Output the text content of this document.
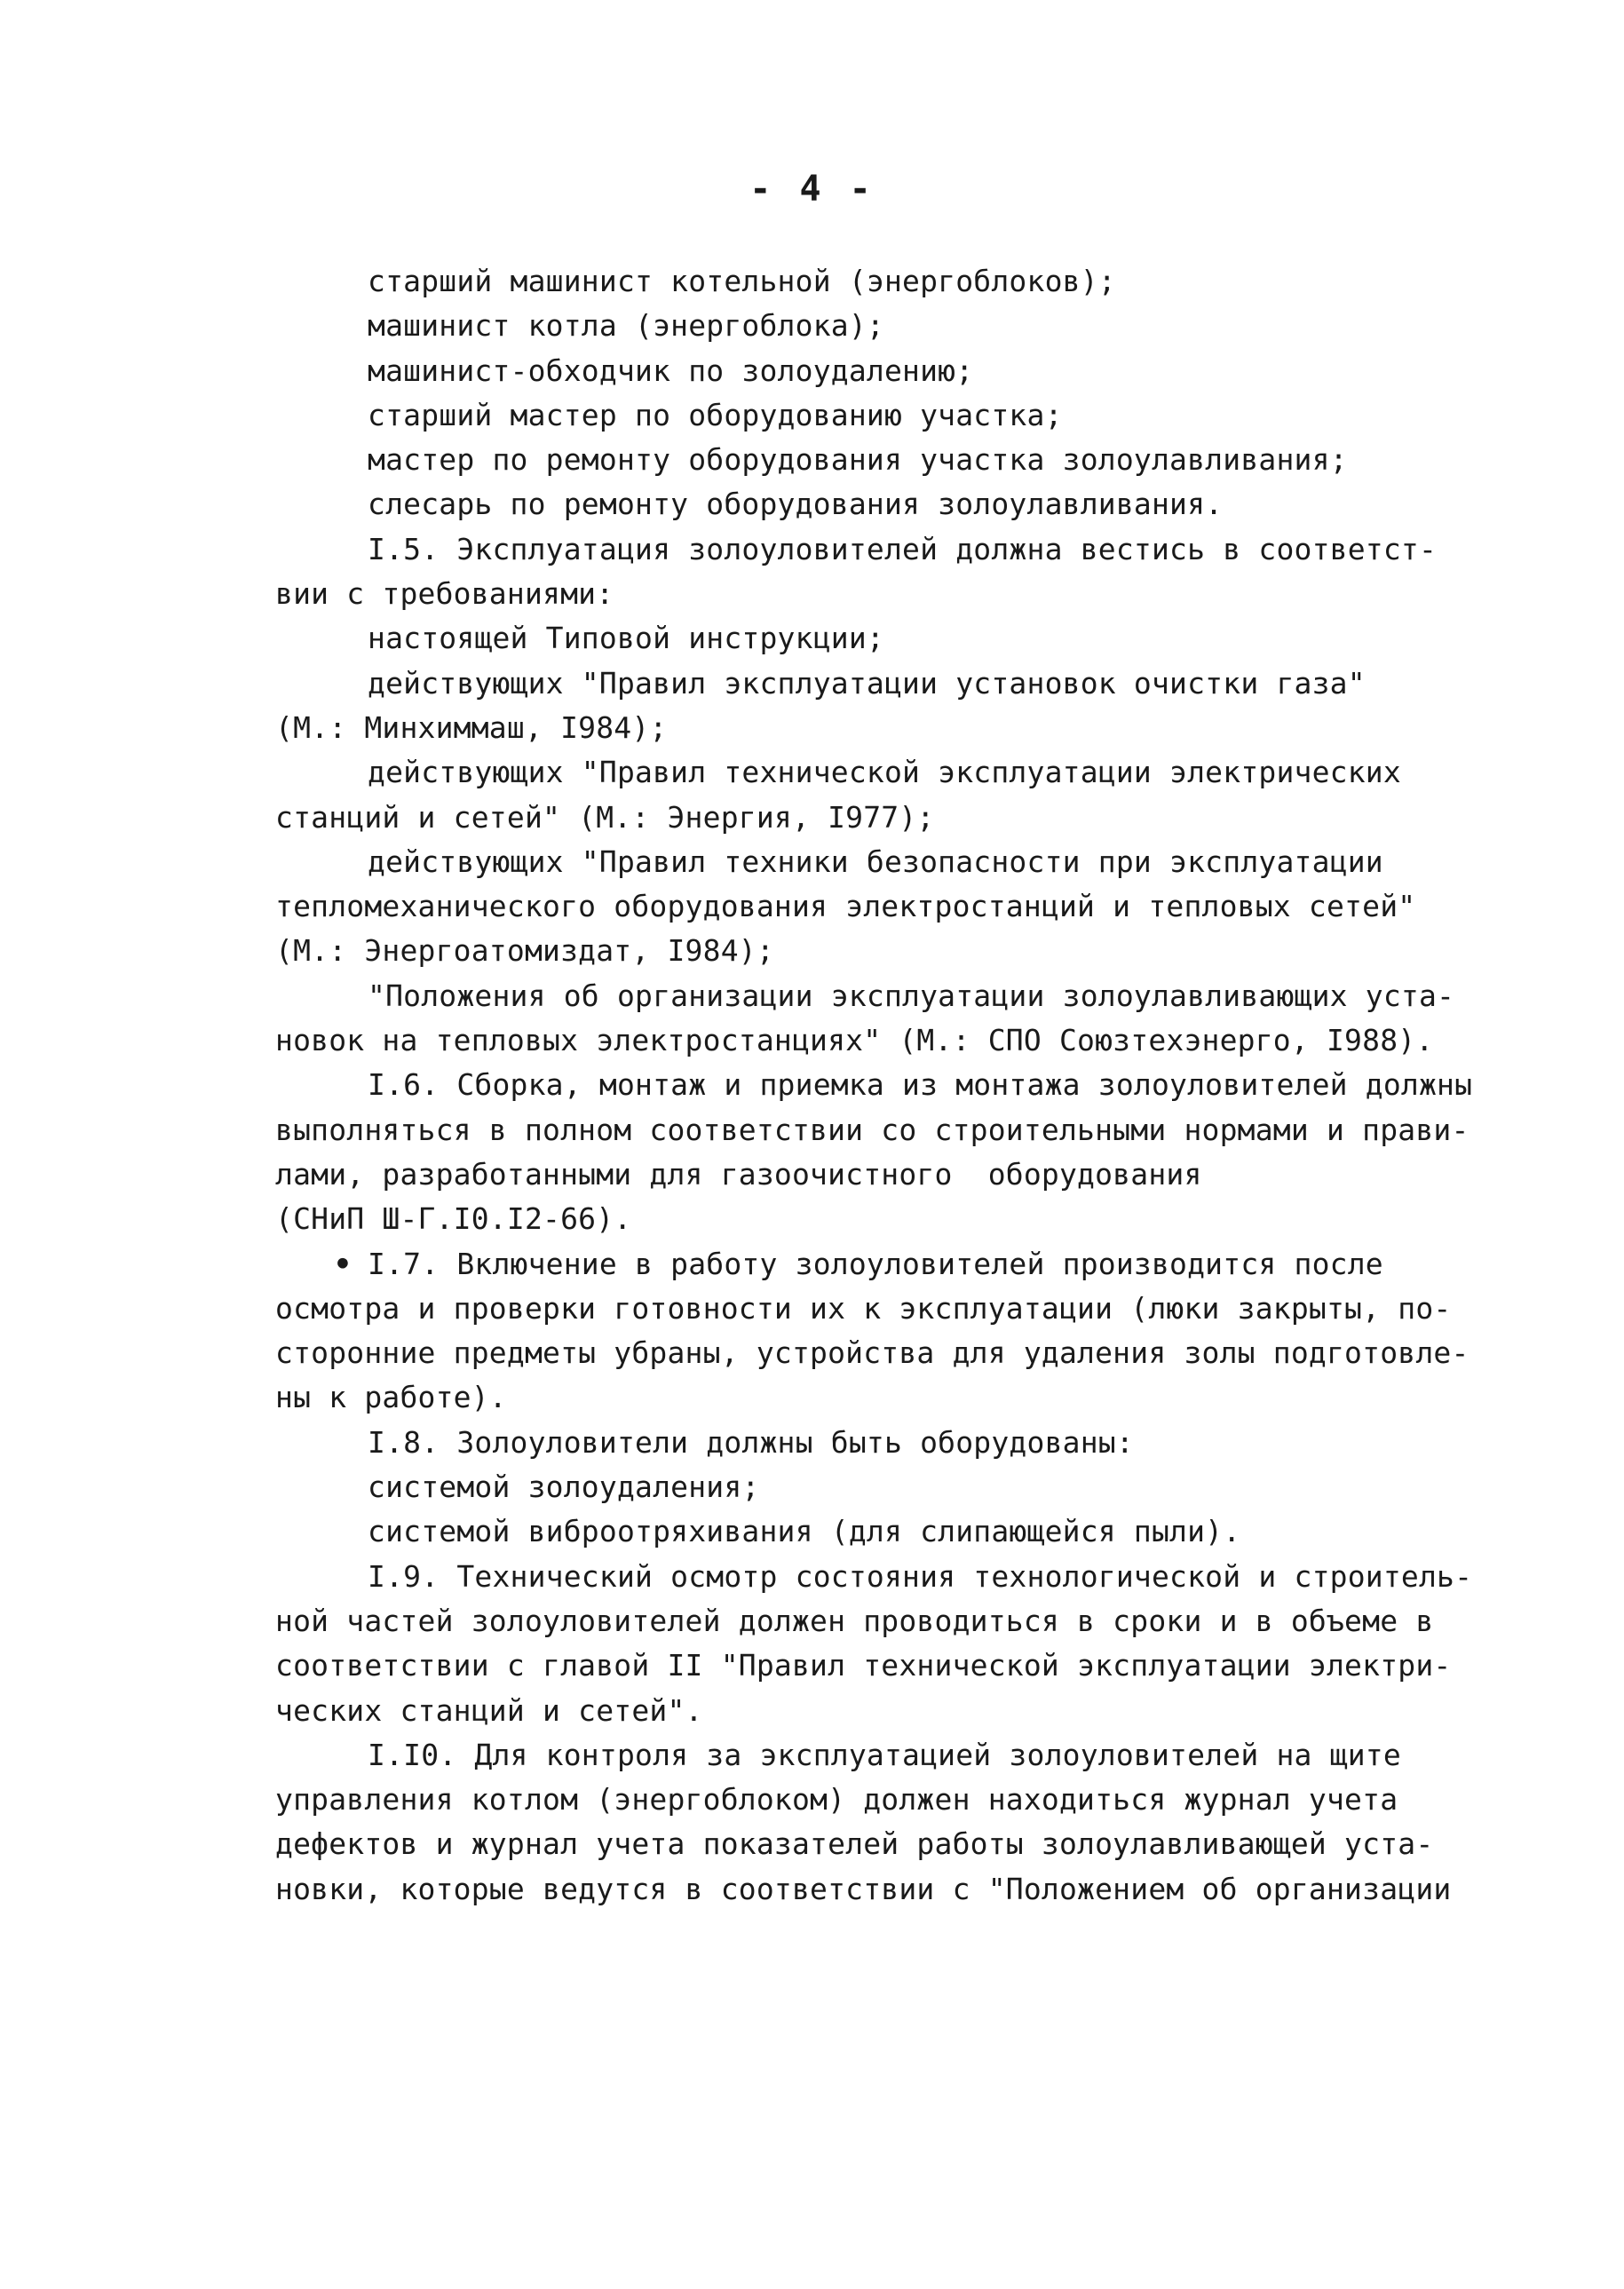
- 4 -
старший машинист котельной (энергоблоков);
машинист котла (энергоблока);
машинист-обходчик по золоудалению;
старший мастер по оборудованию участка;
мастер по ремонту оборудования участка золоулавливания;
слесарь по ремонту оборудования золоулавливания.
I.5. Эксплуатация золоуловителей должна вестись в соответст-
вии с требованиями:
настоящей Типовой инструкции;
действующих "Правил эксплуатации установок очистки газа"
(М.: Минхиммаш, I984);
действующих "Правил технической эксплуатации электрических
станций и сетей" (М.: Энергия, I977);
действующих "Правил техники безопасности при эксплуатации
тепломеханического оборудования электростанций и тепловых сетей"
(М.: Энергоатомиздат, I984);
"Положения об организации эксплуатации золоулавливающих уста-
новок на тепловых электростанциях" (М.: СПО Союзтехэнерго, I988).
I.6. Сборка, монтаж и приемка из монтажа золоуловителей должны
выполняться в полном соответствии со строительными нормами и прави-
лами, разработанными для газоочистного  оборудования
(СНиП Ш-Г.I0.I2-66).
• I.7. Включение в работу золоуловителей производится после
осмотра и проверки готовности их к эксплуатации (люки закрыты, по-
сторонние предметы убраны, устройства для удаления золы подготовле-
ны к работе).
I.8. Золоуловители должны быть оборудованы:
системой золоудаления;
системой виброотряхивания (для слипающейся пыли).
I.9. Технический осмотр состояния технологической и строитель-
ной частей золоуловителей должен проводиться в сроки и в объеме в
соответствии с главой II "Правил технической эксплуатации электри-
ческих станций и сетей".
I.I0. Для контроля за эксплуатацией золоуловителей на щите
управления котлом (энергоблоком) должен находиться журнал учета
дефектов и журнал учета показателей работы золоулавливающей уста-
новки, которые ведутся в соответствии с "Положением об организации
